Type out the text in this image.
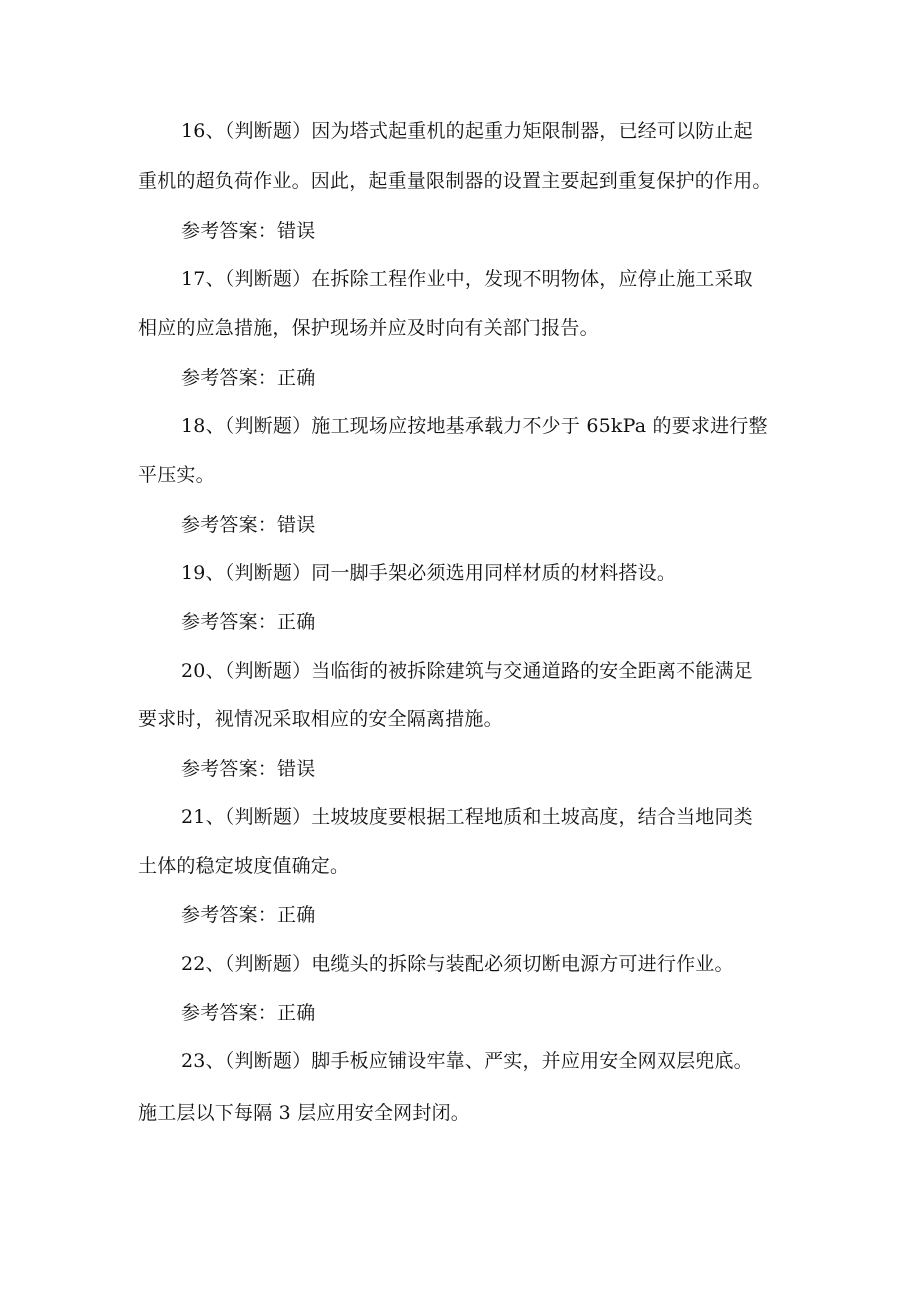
16、（判断题）因为塔式起重机的起重力矩限制器，已经可以防止起
重机的超负荷作业。因此，起重量限制器的设置主要起到重复保护的作用。
参考答案：错误
17、（判断题）在拆除工程作业中，发现不明物体，应停止施工采取
相应的应急措施，保护现场并应及时向有关部门报告。
参考答案：正确
18、（判断题）施工现场应按地基承载力不少于 65kPa 的要求进行整
平压实。
参考答案：错误
19、（判断题）同一脚手架必须选用同样材质的材料搭设。
参考答案：正确
20、（判断题）当临街的被拆除建筑与交通道路的安全距离不能满足
要求时，视情况采取相应的安全隔离措施。
参考答案：错误
21、（判断题）土坡坡度要根据工程地质和土坡高度，结合当地同类
土体的稳定坡度值确定。
参考答案：正确
22、（判断题）电缆头的拆除与装配必须切断电源方可进行作业。
参考答案：正确
23、（判断题）脚手板应铺设牢靠、严实，并应用安全网双层兜底。
施工层以下每隔 3 层应用安全网封闭。
